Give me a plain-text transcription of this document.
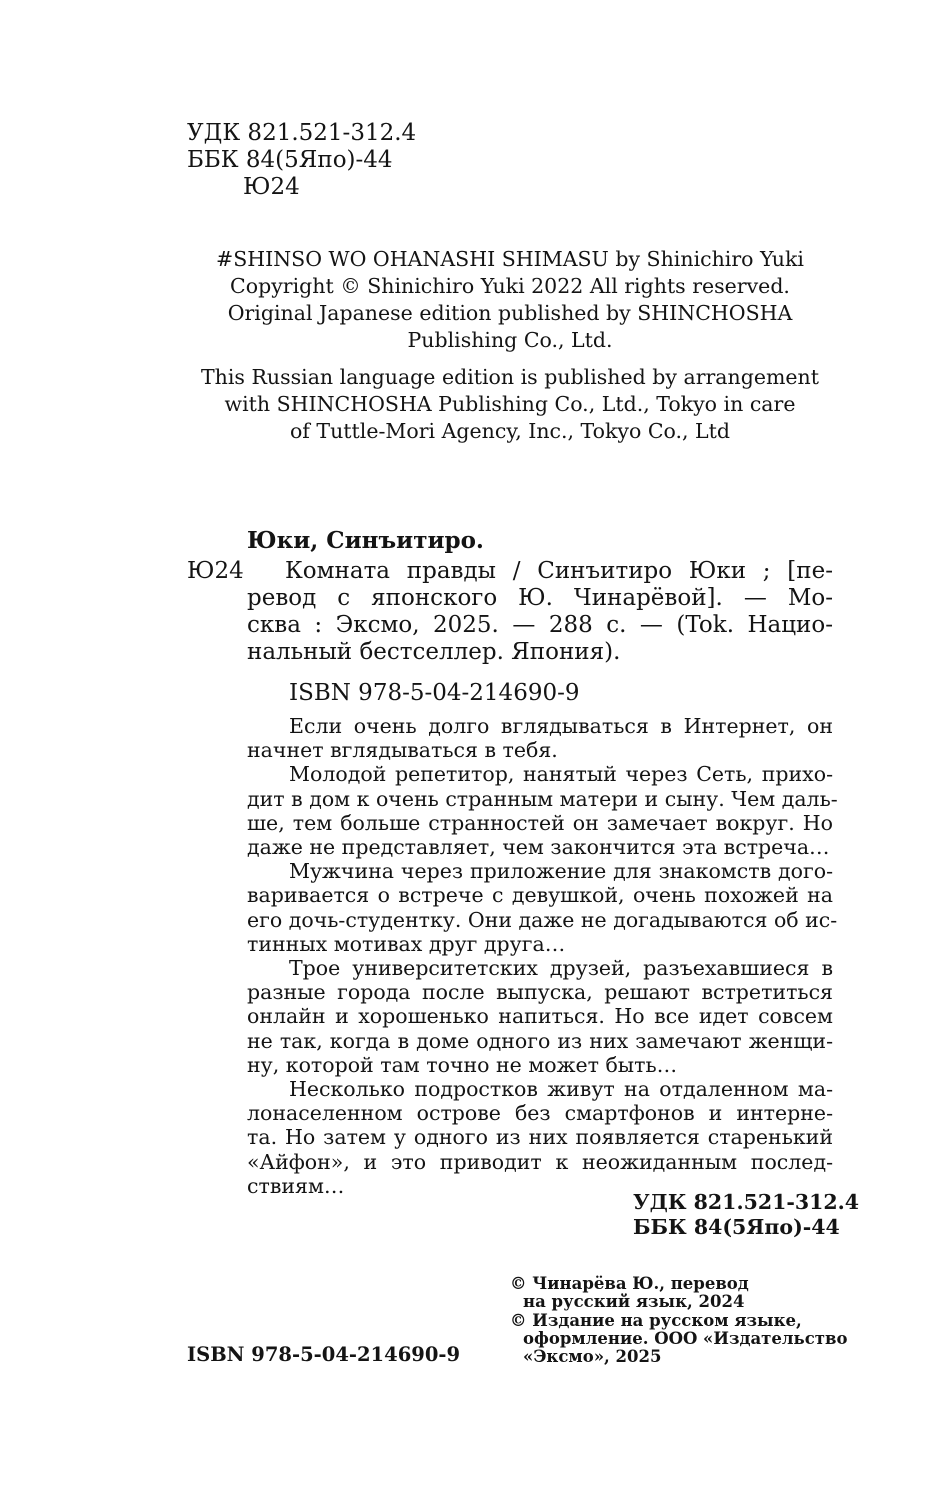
УДК 821.521-312.4
ББК 84(5Япо)-44
Ю24
#SHINSO WO OHANASHI SHIMASU by Shinichiro Yuki
Copyright © Shinichiro Yuki 2022 All rights reserved.
Original Japanese edition published by SHINCHOSHA
Publishing Co., Ltd.
This Russian language edition is published by arrangement
with SHINCHOSHA Publishing Co., Ltd., Tokyo in care
of Tuttle-Mori Agency, Inc., Tokyo Co., Ltd
Юки, Синъитиро.
Ю24	Комната правды / Синъитиро Юки ; [пе-
ревод с японского Ю. Чинарёвой]. — Мо-
сква : Эксмо, 2025. — 288 с. — (Tok. Нацио-
нальный бестселлер. Япония).
ISBN 978-5-04-214690-9
Если очень долго вглядываться в Интернет, он
начнет вглядываться в тебя.
Молодой репетитор, нанятый через Сеть, прихо-
дит в дом к очень странным матери и сыну. Чем даль-
ше, тем больше странностей он замечает вокруг. Но
даже не представляет, чем закончится эта встреча…
Мужчина через приложение для знакомств дого-
варивается о встрече с девушкой, очень похожей на
его дочь-студентку. Они даже не догадываются об ис-
тинных мотивах друг друга…
Трое университетских друзей, разъехавшиеся в
разные города после выпуска, решают встретиться
онлайн и хорошенько напиться. Но все идет совсем
не так, когда в доме одного из них замечают женщи-
ну, которой там точно не может быть…
Несколько подростков живут на отдаленном ма-
лонаселенном острове без смартфонов и интерне-
та. Но затем у одного из них появляется старенький
«Айфон», и это приводит к неожиданным послед-
ствиям…
УДК 821.521-312.4
ББК 84(5Япо)-44
© Чинарёва Ю., перевод
на русский язык, 2024
© Издание на русском языке,
оформление. ООО «Издательство
«Эксмо», 2025
ISBN 978-5-04-214690-9
